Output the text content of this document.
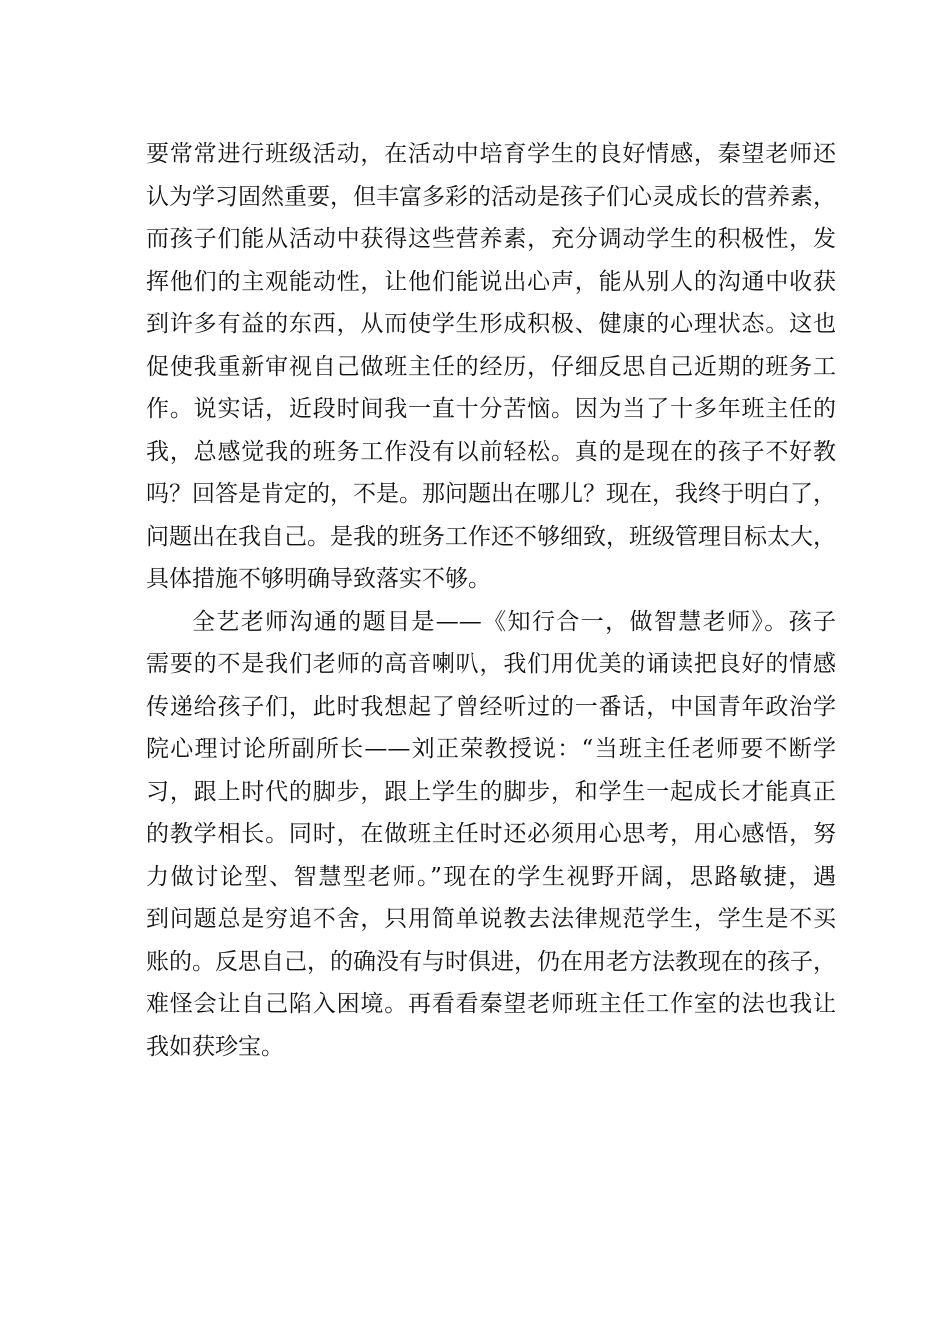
要常常进行班级活动，在活动中培育学生的良好情感，秦望老师还
认为学习固然重要，但丰富多彩的活动是孩子们心灵成长的营养素，
而孩子们能从活动中获得这些营养素，充分调动学生的积极性，发
挥他们的主观能动性，让他们能说出心声，能从别人的沟通中收获
到许多有益的东西，从而使学生形成积极、健康的心理状态。这也
促使我重新审视自己做班主任的经历，仔细反思自己近期的班务工
作。说实话，近段时间我一直十分苦恼。因为当了十多年班主任的
我，总感觉我的班务工作没有以前轻松。真的是现在的孩子不好教
吗？回答是肯定的，不是。那问题出在哪儿？现在，我终于明白了，
问题出在我自己。是我的班务工作还不够细致，班级管理目标太大，
具体措施不够明确导致落实不够。
全艺老师沟通的题目是——《知行合一，做智慧老师》。孩子
需要的不是我们老师的高音喇叭，我们用优美的诵读把良好的情感
传递给孩子们，此时我想起了曾经听过的一番话，中国青年政治学
院心理讨论所副所长——刘正荣教授说：“当班主任老师要不断学
习，跟上时代的脚步，跟上学生的脚步，和学生一起成长才能真正
的教学相长。同时，在做班主任时还必须用心思考，用心感悟，努
力做讨论型、智慧型老师。”现在的学生视野开阔，思路敏捷，遇
到问题总是穷追不舍，只用简单说教去法律规范学生，学生是不买
账的。反思自己，的确没有与时俱进，仍在用老方法教现在的孩子，
难怪会让自己陷入困境。再看看秦望老师班主任工作室的法也我让
我如获珍宝。
